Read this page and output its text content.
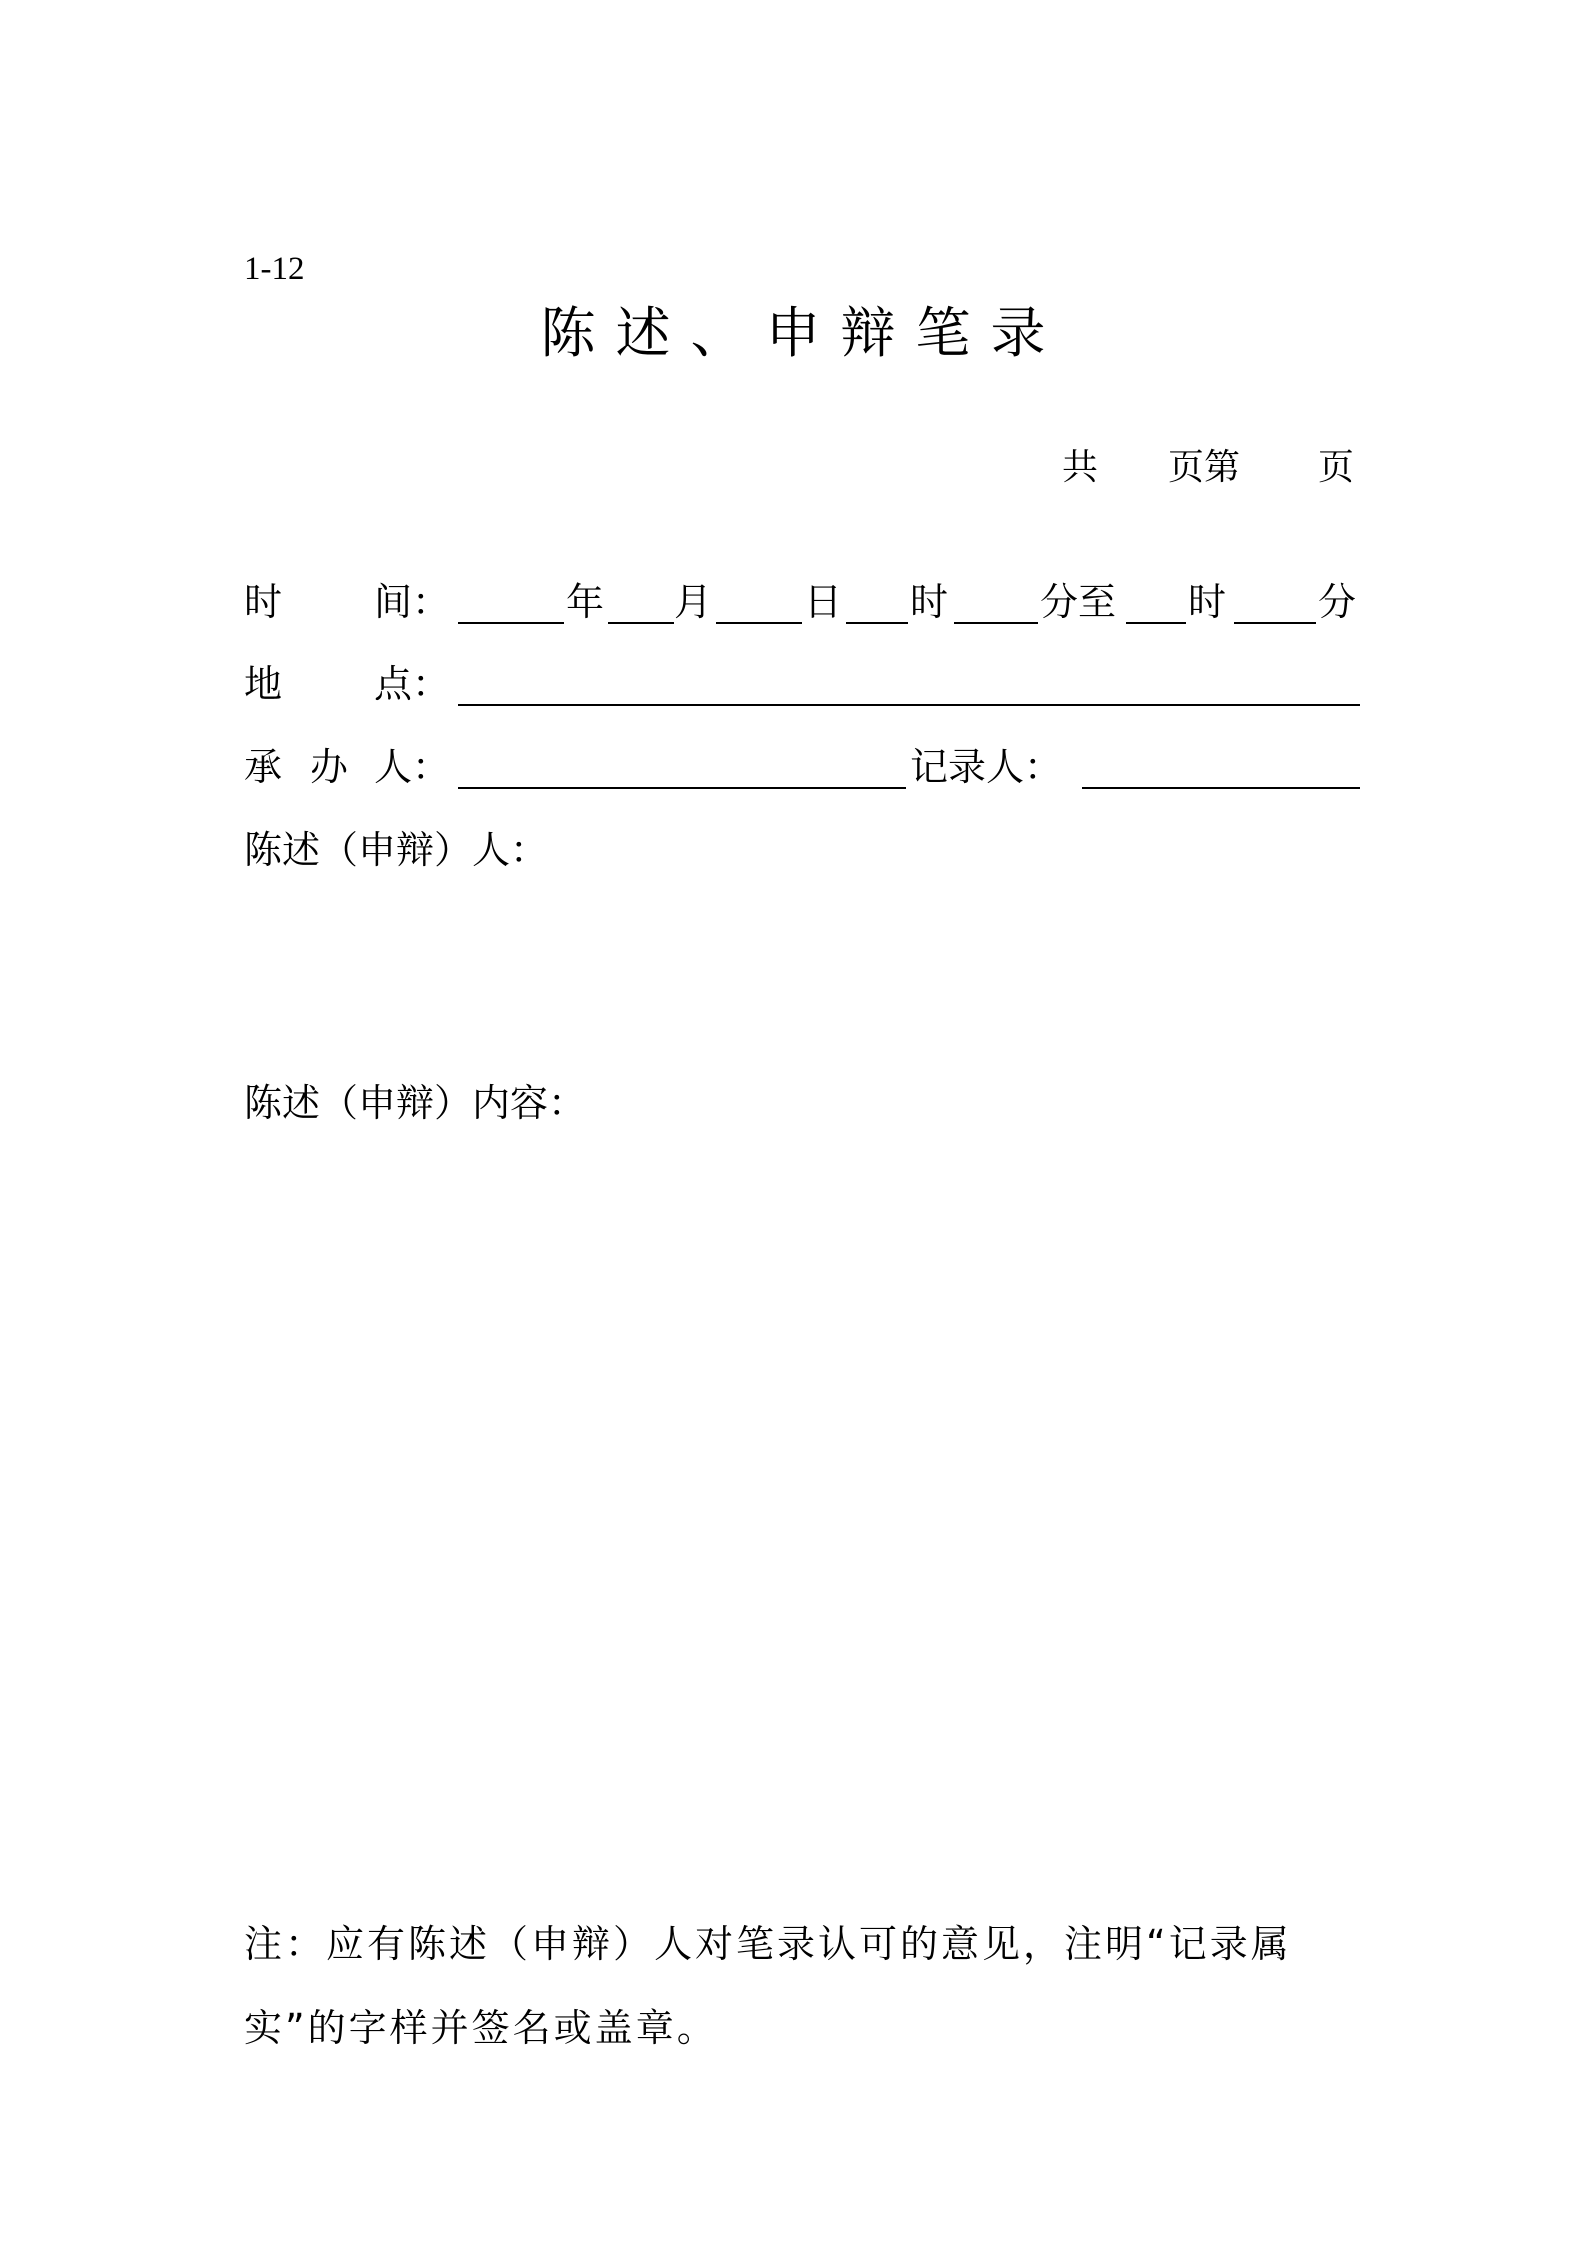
1-12
陈 述 、 申 辩 笔 录
共 页第 页
时 间：	年 月 日 时 分至 时 分
地 点：
承 办 人：	记录人：
陈述（申辩）人：
陈述（申辩）内容：
注：应有陈述（申辩）人对笔录认可的意见，注明“记录属
实”的字样并签名或盖章。
